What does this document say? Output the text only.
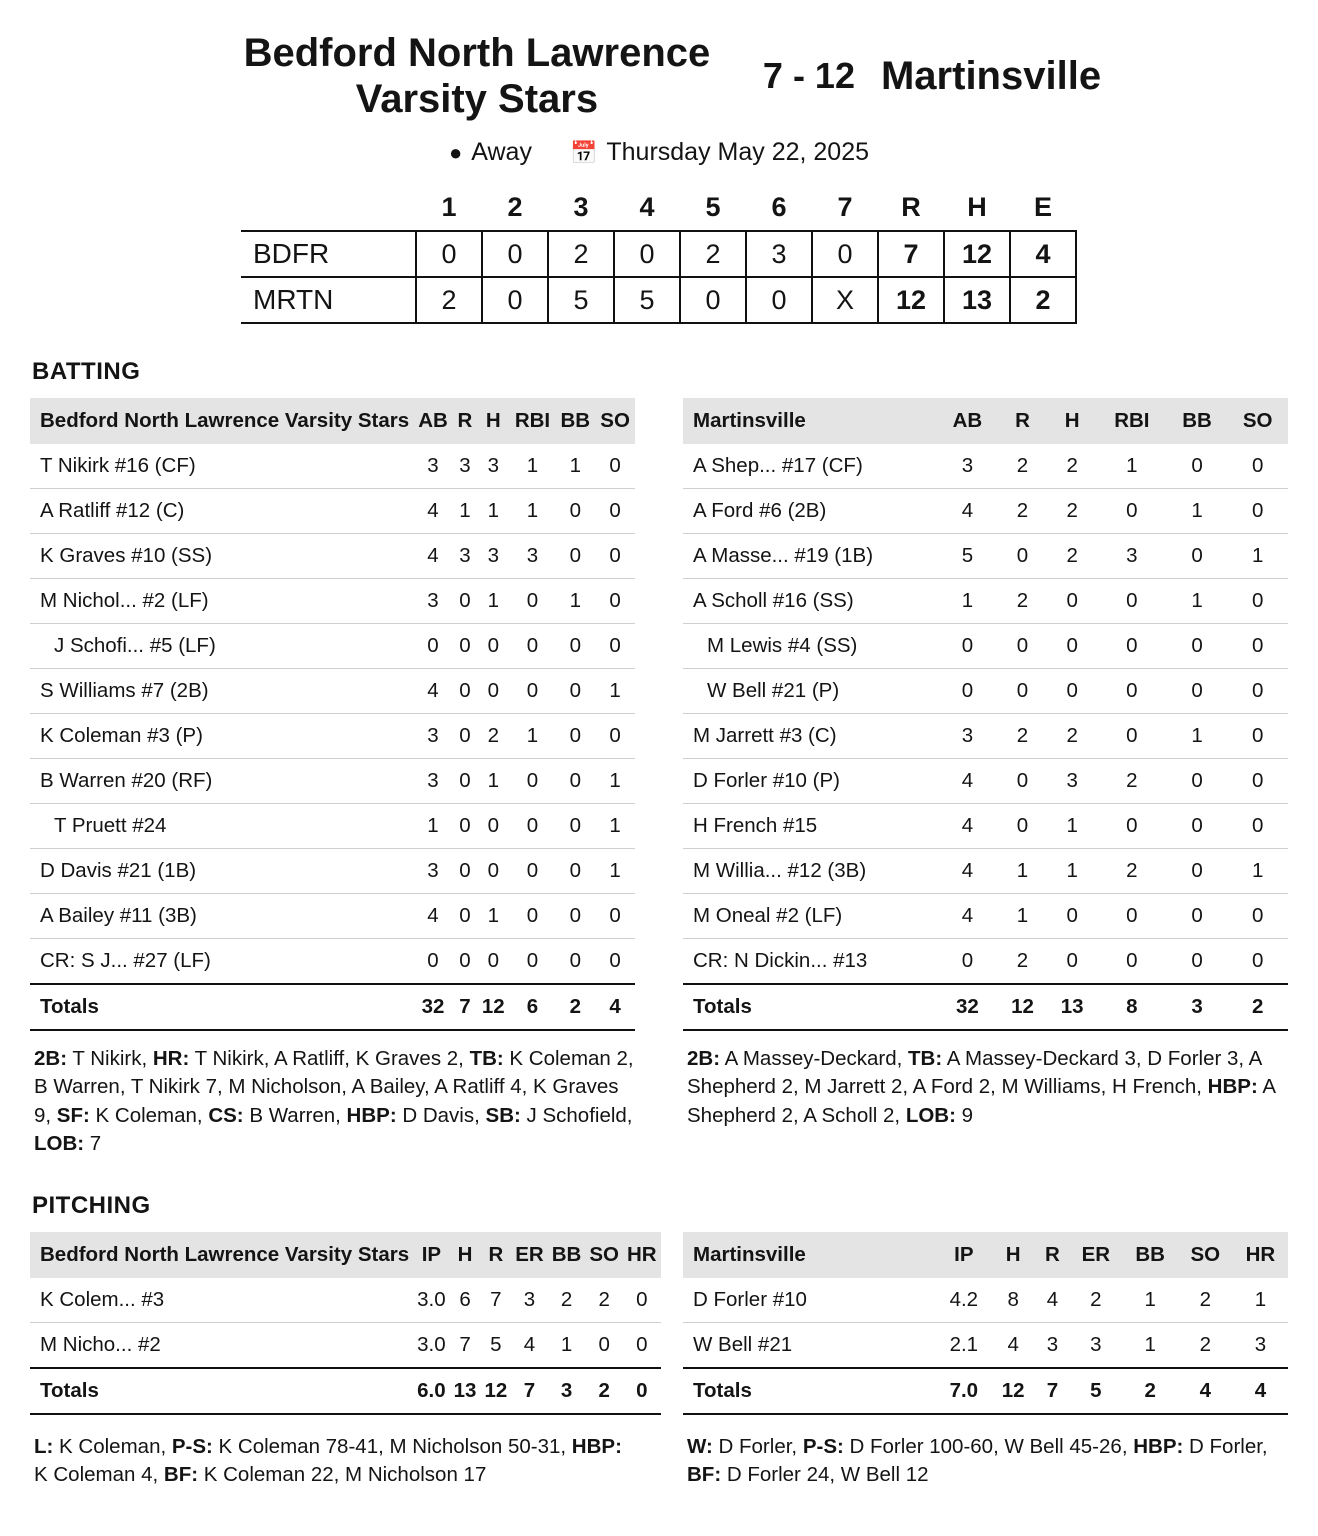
Bedford North Lawrence Varsity Stars
7 - 12 Martinsville
●︎ Away 📅 Thursday May 22, 2025
	1	2	3	4	5	6	7	R	H	E
BDFR	0	0	2	0	2	3	0	7	12	4
MRTN	2	0	5	5	0	0	X	12	13	2
BATTING
Bedford North Lawrence Varsity Stars	AB	R	H	RBI	BB	SO
T Nikirk #16 (CF)	3	3	3	1	1	0
A Ratliff #12 (C)	4	1	1	1	0	0
K Graves #10 (SS)	4	3	3	3	0	0
M Nichol... #2 (LF)	3	0	1	0	1	0
J Schofi... #5 (LF)	0	0	0	0	0	0
S Williams #7 (2B)	4	0	0	0	0	1
K Coleman #3 (P)	3	0	2	1	0	0
B Warren #20 (RF)	3	0	1	0	0	1
T Pruett #24	1	0	0	0	0	1
D Davis #21 (1B)	3	0	0	0	0	1
A Bailey #11 (3B)	4	0	1	0	0	0
CR: S J... #27 (LF)	0	0	0	0	0	0
Totals	32	7	12	6	2	4
2B: T Nikirk, HR: T Nikirk, A Ratliff, K Graves 2, TB: K Coleman 2, B Warren, T Nikirk 7, M Nicholson, A Bailey, A Ratliff 4, K Graves 9, SF: K Coleman, CS: B Warren, HBP: D Davis, SB: J Schofield, LOB: 7
Martinsville	AB	R	H	RBI	BB	SO
A Shep... #17 (CF)	3	2	2	1	0	0
A Ford #6 (2B)	4	2	2	0	1	0
A Masse... #19 (1B)	5	0	2	3	0	1
A Scholl #16 (SS)	1	2	0	0	1	0
M Lewis #4 (SS)	0	0	0	0	0	0
W Bell #21 (P)	0	0	0	0	0	0
M Jarrett #3 (C)	3	2	2	0	1	0
D Forler #10 (P)	4	0	3	2	0	0
H French #15	4	0	1	0	0	0
M Willia... #12 (3B)	4	1	1	2	0	1
M Oneal #2 (LF)	4	1	0	0	0	0
CR: N Dickin... #13	0	2	0	0	0	0
Totals	32	12	13	8	3	2
2B: A Massey-Deckard, TB: A Massey-Deckard 3, D Forler 3, A Shepherd 2, M Jarrett 2, A Ford 2, M Williams, H French, HBP: A Shepherd 2, A Scholl 2, LOB: 9
PITCHING
Bedford North Lawrence Varsity Stars	IP	H	R	ER	BB	SO	HR
K Colem... #3	3.0	6	7	3	2	2	0
M Nicho... #2	3.0	7	5	4	1	0	0
Totals	6.0	13	12	7	3	2	0
L: K Coleman, P-S: K Coleman 78-41, M Nicholson 50-31, HBP: K Coleman 4, BF: K Coleman 22, M Nicholson 17
Martinsville	IP	H	R	ER	BB	SO	HR
D Forler #10	4.2	8	4	2	1	2	1
W Bell #21	2.1	4	3	3	1	2	3
Totals	7.0	12	7	5	2	4	4
W: D Forler, P-S: D Forler 100-60, W Bell 45-26, HBP: D Forler, BF: D Forler 24, W Bell 12
